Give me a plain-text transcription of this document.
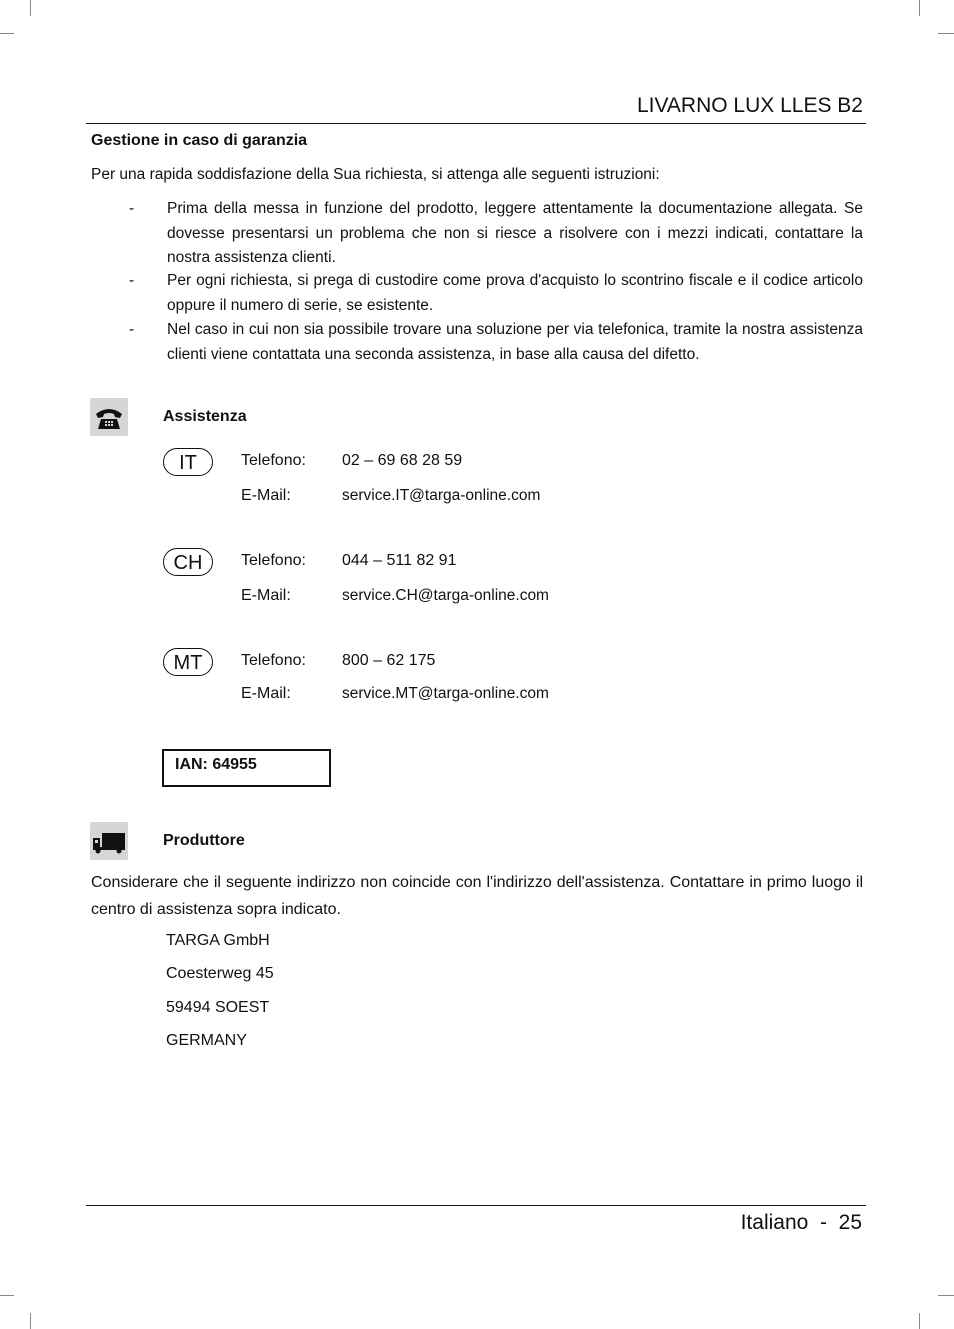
LIVARNO LUX LLES B2
Gestione in caso di garanzia
Per una rapida soddisfazione della Sua richiesta, si attenga alle seguenti istruzioni:
- Prima della messa in funzione del prodotto, leggere attentamente la documentazione allegata. Se dovesse presentarsi un problema che non si riesce a risolvere con i mezzi indicati, contattare la nostra assistenza clienti.
- Per ogni richiesta, si prega di custodire come prova d'acquisto lo scontrino fiscale e il codice articolo oppure il numero di serie, se esistente.
- Nel caso in cui non sia possibile trovare una soluzione per via telefonica, tramite la nostra assistenza clienti viene contattata una seconda assistenza, in base alla causa del difetto.
Assistenza
IT	Telefono: 02 – 69 68 28 59
E-Mail:	service.IT@targa-online.com
CH	Telefono: 044 – 511 82 91
E-Mail:	service.CH@targa-online.com
MT	Telefono: 800 – 62 175
E-Mail:	service.MT@targa-online.com
IAN: 64955
Produttore
Considerare che il seguente indirizzo non coincide con l'indirizzo dell'assistenza. Contattare in primo luogo il centro di assistenza sopra indicato.
TARGA GmbH
Coesterweg 45
59494 SOEST
GERMANY
Italiano  -  25
